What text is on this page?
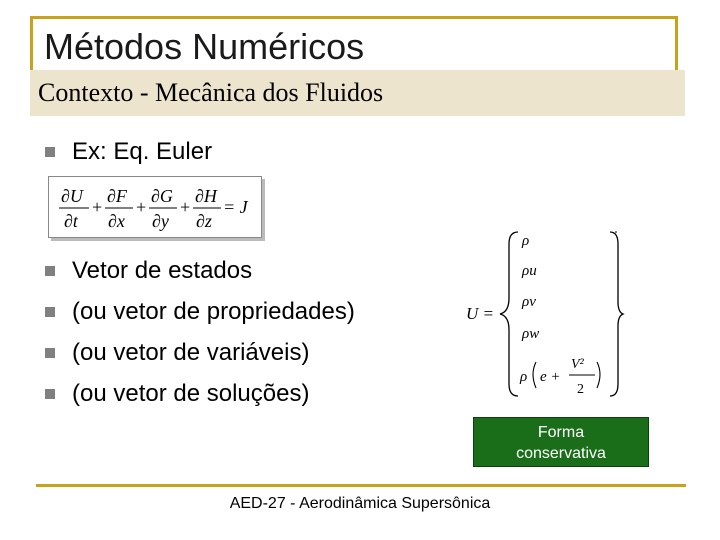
Métodos Numéricos
Contexto - Mecânica dos Fluidos
Ex: Eq. Euler
∂U
∂t
+
∂F
∂x
+
∂G
∂y
+
∂H
∂z
= J
Vetor de estados
(ou vetor de propriedades)
(ou vetor de variáveis)
(ou vetor de soluções)
U =
ρ
ρu
ρv
ρw
ρ e +
V²
2
Forma
conservativa
AED-27 - Aerodinâmica Supersônica
